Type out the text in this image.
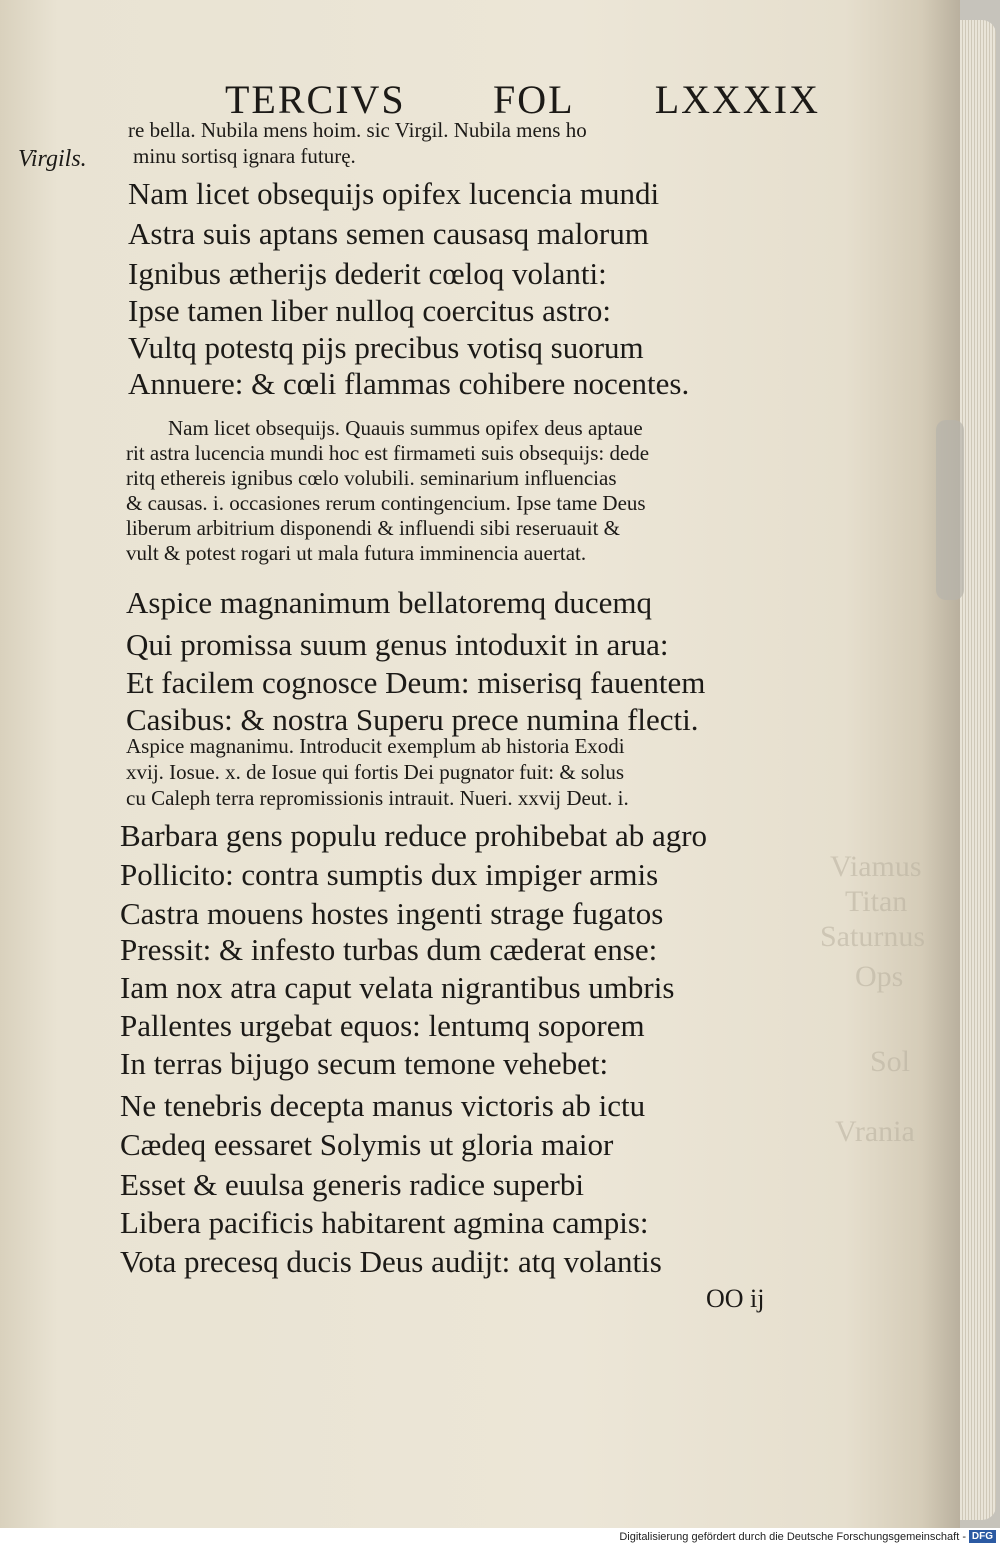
Viamus
Titan
Saturnus
Ops
Sol
Vrania
TERCIVS FOL LXXXIX
Virgils.
re bella. Nubila mens hoim. sic Virgil. Nubila mens ho
minu sortisq ignara futurę.
Nam licet obsequijs opifex lucencia mundi
Astra suis aptans semen causasq malorum
Ignibus ætherijs dederit cœloq volanti:
Ipse tamen liber nulloq coercitus astro:
Vultq potestq pijs precibus votisq suorum
Annuere: & cœli flammas cohibere nocentes.
Nam licet obsequijs. Quauis summus opifex deus aptaue
rit astra lucencia mundi hoc est firmameti suis obsequijs: dede
ritq ethereis ignibus cœlo volubili. seminarium influencias
& causas. i. occasiones rerum contingencium. Ipse tame Deus
liberum arbitrium disponendi & influendi sibi reseruauit &
vult & potest rogari ut mala futura imminencia auertat.
Aspice magnanimum bellatoremq ducemq
Qui promissa suum genus intoduxit in arua:
Et facilem cognosce Deum: miserisq fauentem
Casibus: & nostra Superu prece numina flecti.
Aspice magnanimu. Introducit exemplum ab historia Exodi
xvij. Iosue. x. de Iosue qui fortis Dei pugnator fuit: & solus
cu Caleph terra repromissionis intrauit. Nueri. xxvij Deut. i.
Barbara gens populu reduce prohibebat ab agro
Pollicito: contra sumptis dux impiger armis
Castra mouens hostes ingenti strage fugatos
Pressit: & infesto turbas dum cæderat ense:
Iam nox atra caput velata nigrantibus umbris
Pallentes urgebat equos: lentumq soporem
In terras bijugo secum temone vehebet:
Ne tenebris decepta manus victoris ab ictu
Cædeq eessaret Solymis ut gloria maior
Esset & euulsa generis radice superbi
Libera pacificis habitarent agmina campis:
Vota precesq ducis Deus audijt: atq volantis
OO ij
Digitalisierung gefördert durch die Deutsche Forschungsgemeinschaft - DFG
